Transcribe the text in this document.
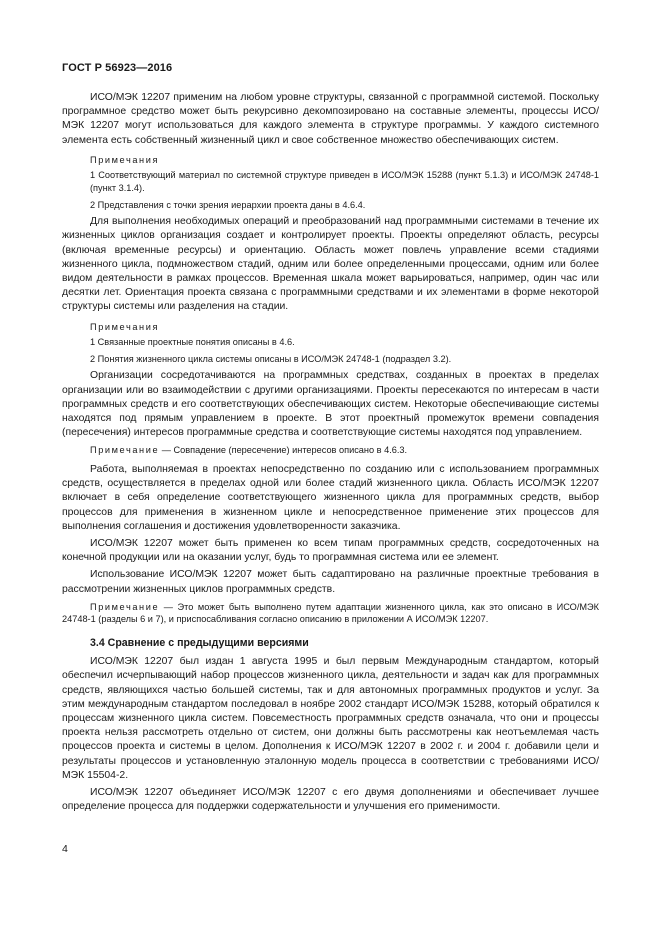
ГОСТ Р 56923—2016

ИСО/МЭК 12207 применим на любом уровне структуры, связанной с программной системой. Поскольку программное средство может быть рекурсивно декомпозировано на составные элементы, процессы ИСО/МЭК 12207 могут использоваться для каждого элемента в структуре программы. У каждого системного элемента есть собственный жизненный цикл и свое собственное множество обеспечивающих систем.

Примечания

1 Соответствующий материал по системной структуре приведен в ИСО/МЭК 15288 (пункт 5.1.3) и ИСО/МЭК 24748-1 (пункт 3.1.4).

2 Представления с точки зрения иерархии проекта даны в 4.6.4.

Для выполнения необходимых операций и преобразований над программными системами в течение их жизненных циклов организация создает и контролирует проекты. Проекты определяют область, ресурсы (включая временные ресурсы) и ориентацию. Область может повлечь управление всеми стадиями жизненного цикла, подмножеством стадий, одним или более определенными процессами, одним или более видом деятельности в рамках процессов. Временная шкала может варьироваться, например, один час или десятки лет. Ориентация проекта связана с программными средствами и их элементами в форме некоторой структуры системы или разделения на стадии.

Примечания

1 Связанные проектные понятия описаны в 4.6.

2 Понятия жизненного цикла системы описаны в ИСО/МЭК 24748-1 (подраздел 3.2).

Организации сосредотачиваются на программных средствах, созданных в проектах в пределах организации или во взаимодействии с другими организациями. Проекты пересекаются по интересам в части программных средств и его соответствующих обеспечивающих систем. Некоторые обеспечивающие системы находятся под прямым управлением в проекте. В этот проектный промежуток времени совпадения (пересечения) интересов программные средства и соответствующие системы находятся под управлением.

Примечание — Совпадение (пересечение) интересов описано в 4.6.3.

Работа, выполняемая в проектах непосредственно по созданию или с использованием программных средств, осуществляется в пределах одной или более стадий жизненного цикла. Область ИСО/МЭК 12207 включает в себя определение соответствующего жизненного цикла для программных средств, выбор процессов для применения в жизненном цикле и непосредственное применение этих процессов для выполнения соглашения и достижения удовлетворенности заказчика.

ИСО/МЭК 12207 может быть применен ко всем типам программных средств, сосредоточенных на конечной продукции или на оказании услуг, будь то программная система или ее элемент.

Использование ИСО/МЭК 12207 может быть садаптировано на различные проектные требования в рассмотрении жизненных циклов программных средств.

Примечание — Это может быть выполнено путем адаптации жизненного цикла, как это описано в ИСО/МЭК 24748-1 (разделы 6 и 7), и приспосабливания согласно описанию в приложении А ИСО/МЭК 12207.

3.4 Сравнение с предыдущими версиями

ИСО/МЭК 12207 был издан 1 августа 1995 и был первым Международным стандартом, который обеспечил исчерпывающий набор процессов жизненного цикла, деятельности и задач как для программных средств, являющихся частью большей системы, так и для автономных программных продуктов и услуг. За этим международным стандартом последовал в ноябре 2002 стандарт ИСО/МЭК 15288, который обратился к процессам жизненного цикла систем. Повсеместность программных средств означала, что они и процессы проекта нельзя рассмотреть отдельно от систем, они должны быть рассмотрены как неотъемлемая часть процессов проекта и системы в целом. Дополнения к ИСО/МЭК 12207 в 2002 г. и 2004 г. добавили цели и результаты процессов и установленную эталонную модель процесса в соответствии с требованиями ИСО/МЭК 15504-2.

ИСО/МЭК 12207 объединяет ИСО/МЭК 12207 с его двумя дополнениями и обеспечивает лучшее определение процесса для поддержки содержательности и улучшения его применимости.

4
